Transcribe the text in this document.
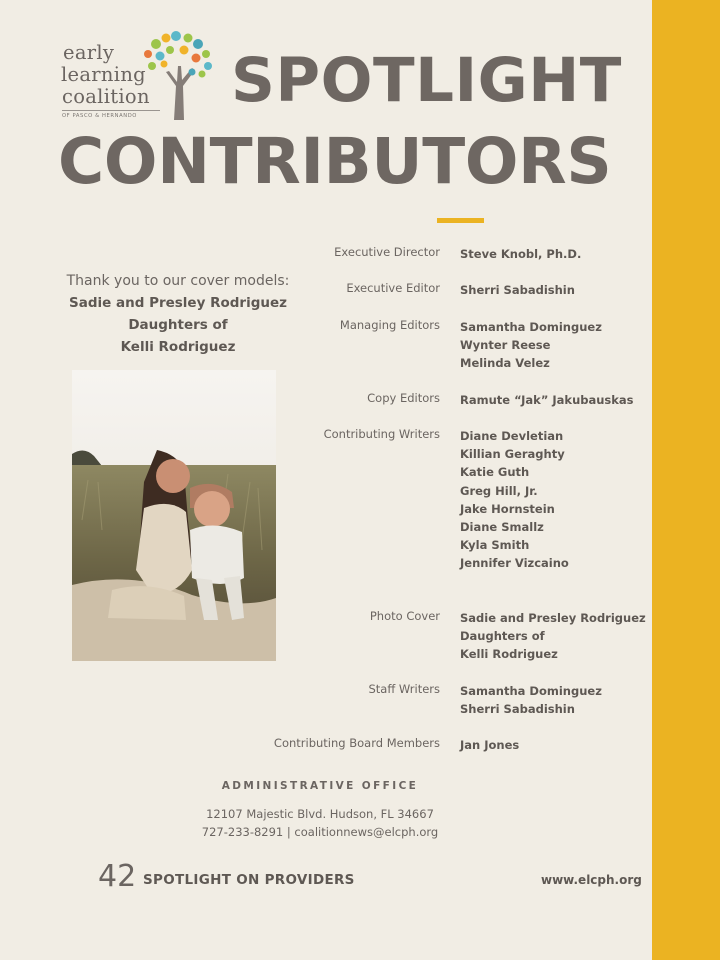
early
learning
coalition
OF PASCO & HERNANDO SPOTLIGHT
CONTRIBUTORS
Thank you to our cover models:
Sadie and Presley Rodriguez
Daughters of
Kelli Rodriguez
Executive Director Steve Knobl, Ph.D.
Executive Editor Sherri Sabadishin
Managing Editors Samantha Dominguez
Wynter Reese
Melinda Velez
Copy Editors Ramute “Jak” Jakubauskas
Contributing Writers Diane Devletian
Killian Geraghty
Katie Guth
Greg Hill, Jr.
Jake Hornstein
Diane Smallz
Kyla Smith
Jennifer Vizcaino
Photo Cover Sadie and Presley Rodriguez
Daughters of
Kelli Rodriguez
Staff Writers Samantha Dominguez
Sherri Sabadishin
Contributing Board Members Jan Jones
ADMINISTRATIVE OFFICE
12107 Majestic Blvd. Hudson, FL 34667
727-233-8291 | coalitionnews@elcph.org
42 SPOTLIGHT ON PROVIDERS	www.elcph.org
